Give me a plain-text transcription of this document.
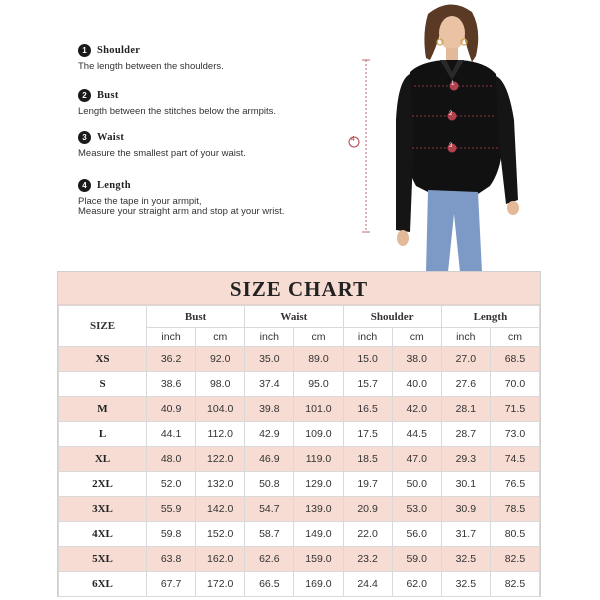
1 Shoulder
The length between the shoulders.
2 Bust
Length between the stitches below the armpits.
3 Waist
Measure the smallest part of your waist.
4 Length
Place the tape in your armpit,
Measure your straight arm and stop at your wrist.
1
2
3
4
SIZE CHART
SIZE	Bust		Waist		Shoulder		Length	
	inch	cm	inch	cm	inch	cm	inch	cm
XS	36.2	92.0	35.0	89.0	15.0	38.0	27.0	68.5
S	38.6	98.0	37.4	95.0	15.7	40.0	27.6	70.0
M	40.9	104.0	39.8	101.0	16.5	42.0	28.1	71.5
L	44.1	112.0	42.9	109.0	17.5	44.5	28.7	73.0
XL	48.0	122.0	46.9	119.0	18.5	47.0	29.3	74.5
2XL	52.0	132.0	50.8	129.0	19.7	50.0	30.1	76.5
3XL	55.9	142.0	54.7	139.0	20.9	53.0	30.9	78.5
4XL	59.8	152.0	58.7	149.0	22.0	56.0	31.7	80.5
5XL	63.8	162.0	62.6	159.0	23.2	59.0	32.5	82.5
6XL	67.7	172.0	66.5	169.0	24.4	62.0	32.5	82.5
